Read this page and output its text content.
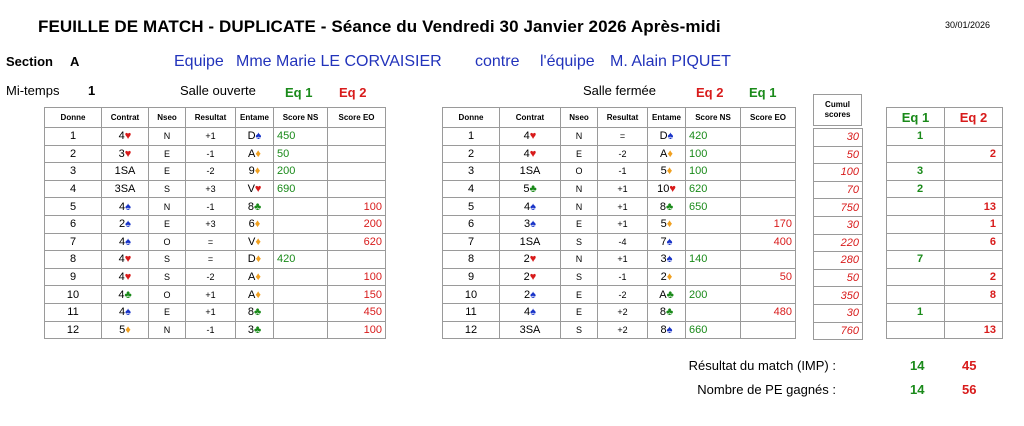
FEUILLE DE MATCH - DUPLICATE - Séance du Vendredi 30 Janvier 2026 Après-midi	30/01/2026
Section A	Equipe Mme Marie LE CORVAISIER contre l'équipe M. Alain PIQUET
Mi-temps 1	Salle ouverte Eq 1 Eq 2	Salle fermée	Eq 2 Eq 1
Donne	Contrat	Nseo	Resultat	Entame	Score NS	Score EO
1	4♥	N	+1	D♠	450	
2	3♥	E	-1	A♦	50	
3	1SA	E	-2	9♦	200	
4	3SA	S	+3	V♥	690	
5	4♠	N	-1	8♣		100
6	2♠	E	+3	6♦		200
7	4♠	O	=	V♦		620
8	4♥	S	=	D♦	420	
9	4♥	S	-2	A♦		100
10	4♣	O	+1	A♦		150
11	4♠	E	+1	8♣		450
12	5♦	N	-1	3♣		100
Donne	Contrat	Nseo	Resultat	Entame	Score NS	Score EO
1	4♥	N	=	D♠	420	
2	4♥	E	-2	A♦	100	
3	1SA	O	-1	5♦	100	
4	5♣	N	+1	10♥	620	
5	4♠	N	+1	8♣	650	
6	3♠	E	+1	5♦		170
7	1SA	S	-4	7♠		400
8	2♥	N	+1	3♠	140	
9	2♥	S	-1	2♦		50
10	2♠	E	-2	A♣	200	
11	4♠	E	+2	8♣		480
12	3SA	S	+2	8♠	660	
Cumul
scores
30
50
100
70
750
30
220
280
50
350
30
760
Eq 1	Eq 2
1	
	2
3	
2	
	13
	1
	6
7	
	2
	8
1	
	13
Résultat du match (IMP) :	14	45
Nombre de PE gagnés :	14	56
